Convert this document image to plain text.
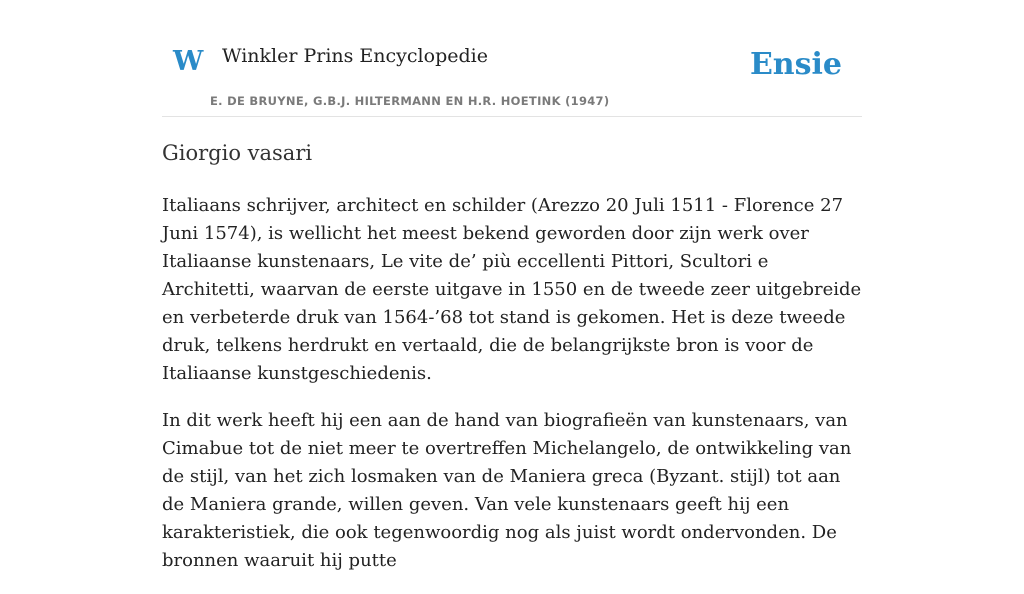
W Winkler Prins Encyclopedie
E. DE BRUYNE, G.B.J. HILTERMANN EN H.R. HOETINK (1947)
Ensie
Giorgio vasari

Italiaans schrijver, architect en schilder (Arezzo 20 Juli 1511 - Florence 27 Juni 1574), is wellicht het meest bekend geworden door zijn werk over Italiaanse kunstenaars, Le vite de’ più eccellenti Pittori, Scultori e Architetti, waarvan de eerste uitgave in 1550 en de tweede zeer uitgebreide en verbeterde druk van 1564-’68 tot stand is gekomen. Het is deze tweede druk, telkens herdrukt en vertaald, die de belangrijkste bron is voor de Italiaanse kunstgeschiedenis.

In dit werk heeft hij een aan de hand van biografieën van kunstenaars, van Cimabue tot de niet meer te overtreffen Michelangelo, de ontwikkeling van de stijl, van het zich losmaken van de Maniera greca (Byzant. stijl) tot aan de Maniera grande, willen geven. Van vele kunstenaars geeft hij een karakteristiek, die ook tegenwoordig nog als juist wordt ondervonden. De bronnen waaruit hij putte
